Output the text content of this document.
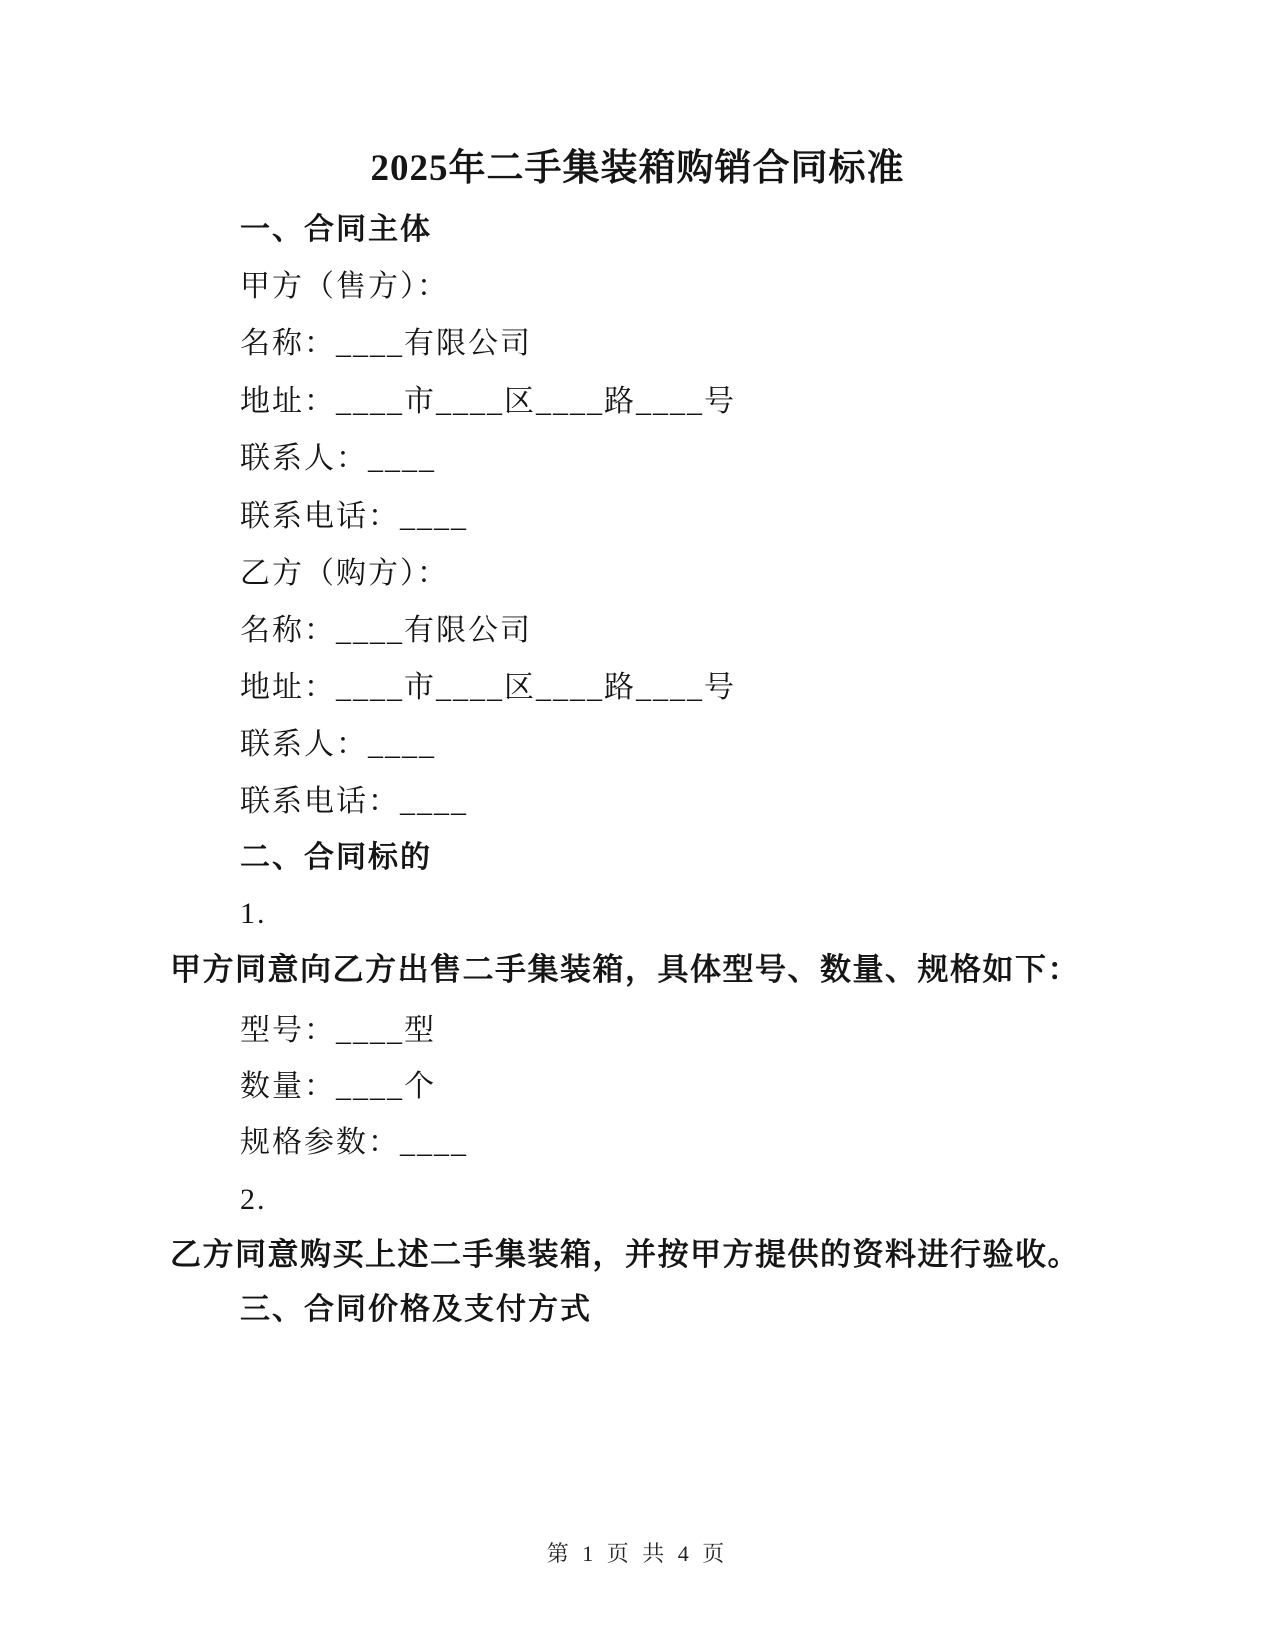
2025年二手集装箱购销合同标准

一、合同主体

甲方（售方）：

名称：____有限公司

地址：____市____区____路____号

联系人：____

联系电话：____

乙方（购方）：

名称：____有限公司

地址：____市____区____路____号

联系人：____

联系电话：____

二、合同标的

1.

甲方同意向乙方出售二手集装箱，具体型号、数量、规格如下：

型号：____型

数量：____个

规格参数：____

2.

乙方同意购买上述二手集装箱，并按甲方提供的资料进行验收。

三、合同价格及支付方式

第 1 页 共 4 页
